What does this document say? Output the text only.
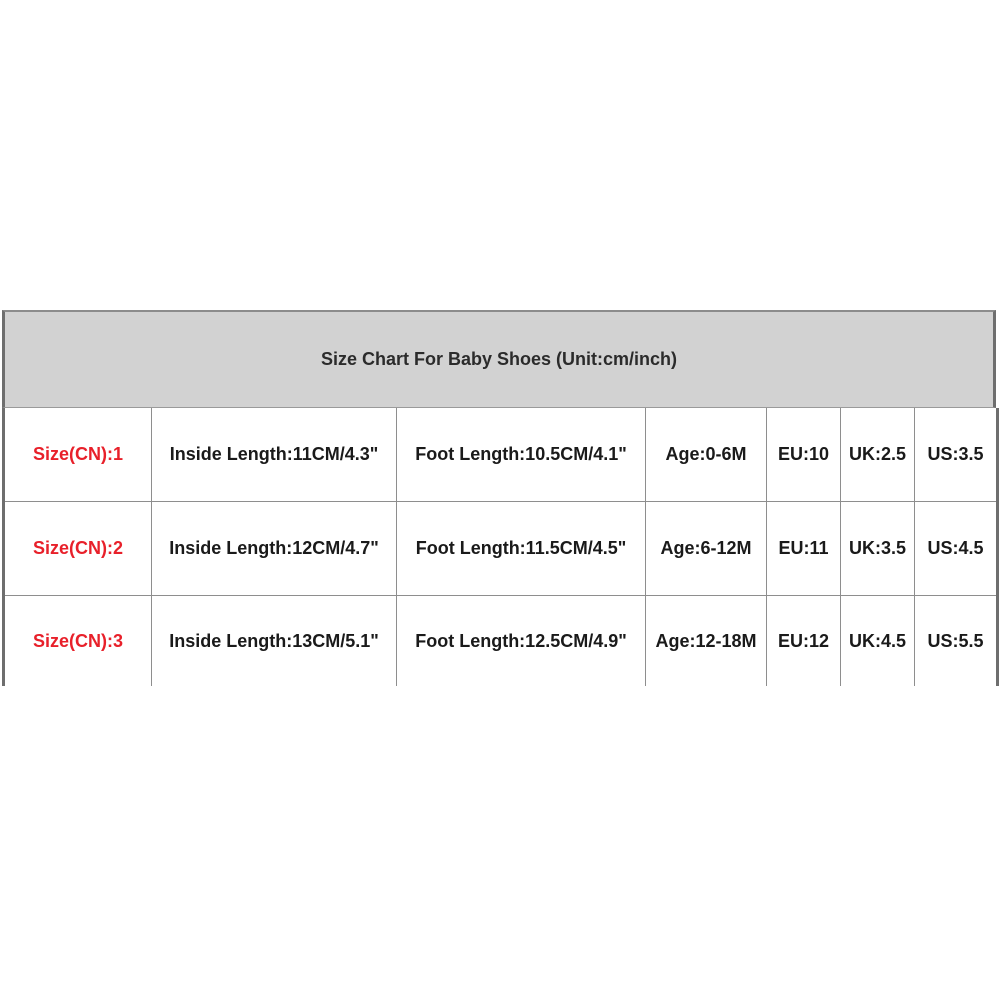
Size Chart For Baby Shoes (Unit:cm/inch)
Size(CN):1	Inside Length:11CM/4.3"	Foot Length:10.5CM/4.1"	Age:0-6M	EU:10	UK:2.5	US:3.5
Size(CN):2	Inside Length:12CM/4.7"	Foot Length:11.5CM/4.5"	Age:6-12M	EU:11	UK:3.5	US:4.5
Size(CN):3	Inside Length:13CM/5.1"	Foot Length:12.5CM/4.9"	Age:12-18M	EU:12	UK:4.5	US:5.5
